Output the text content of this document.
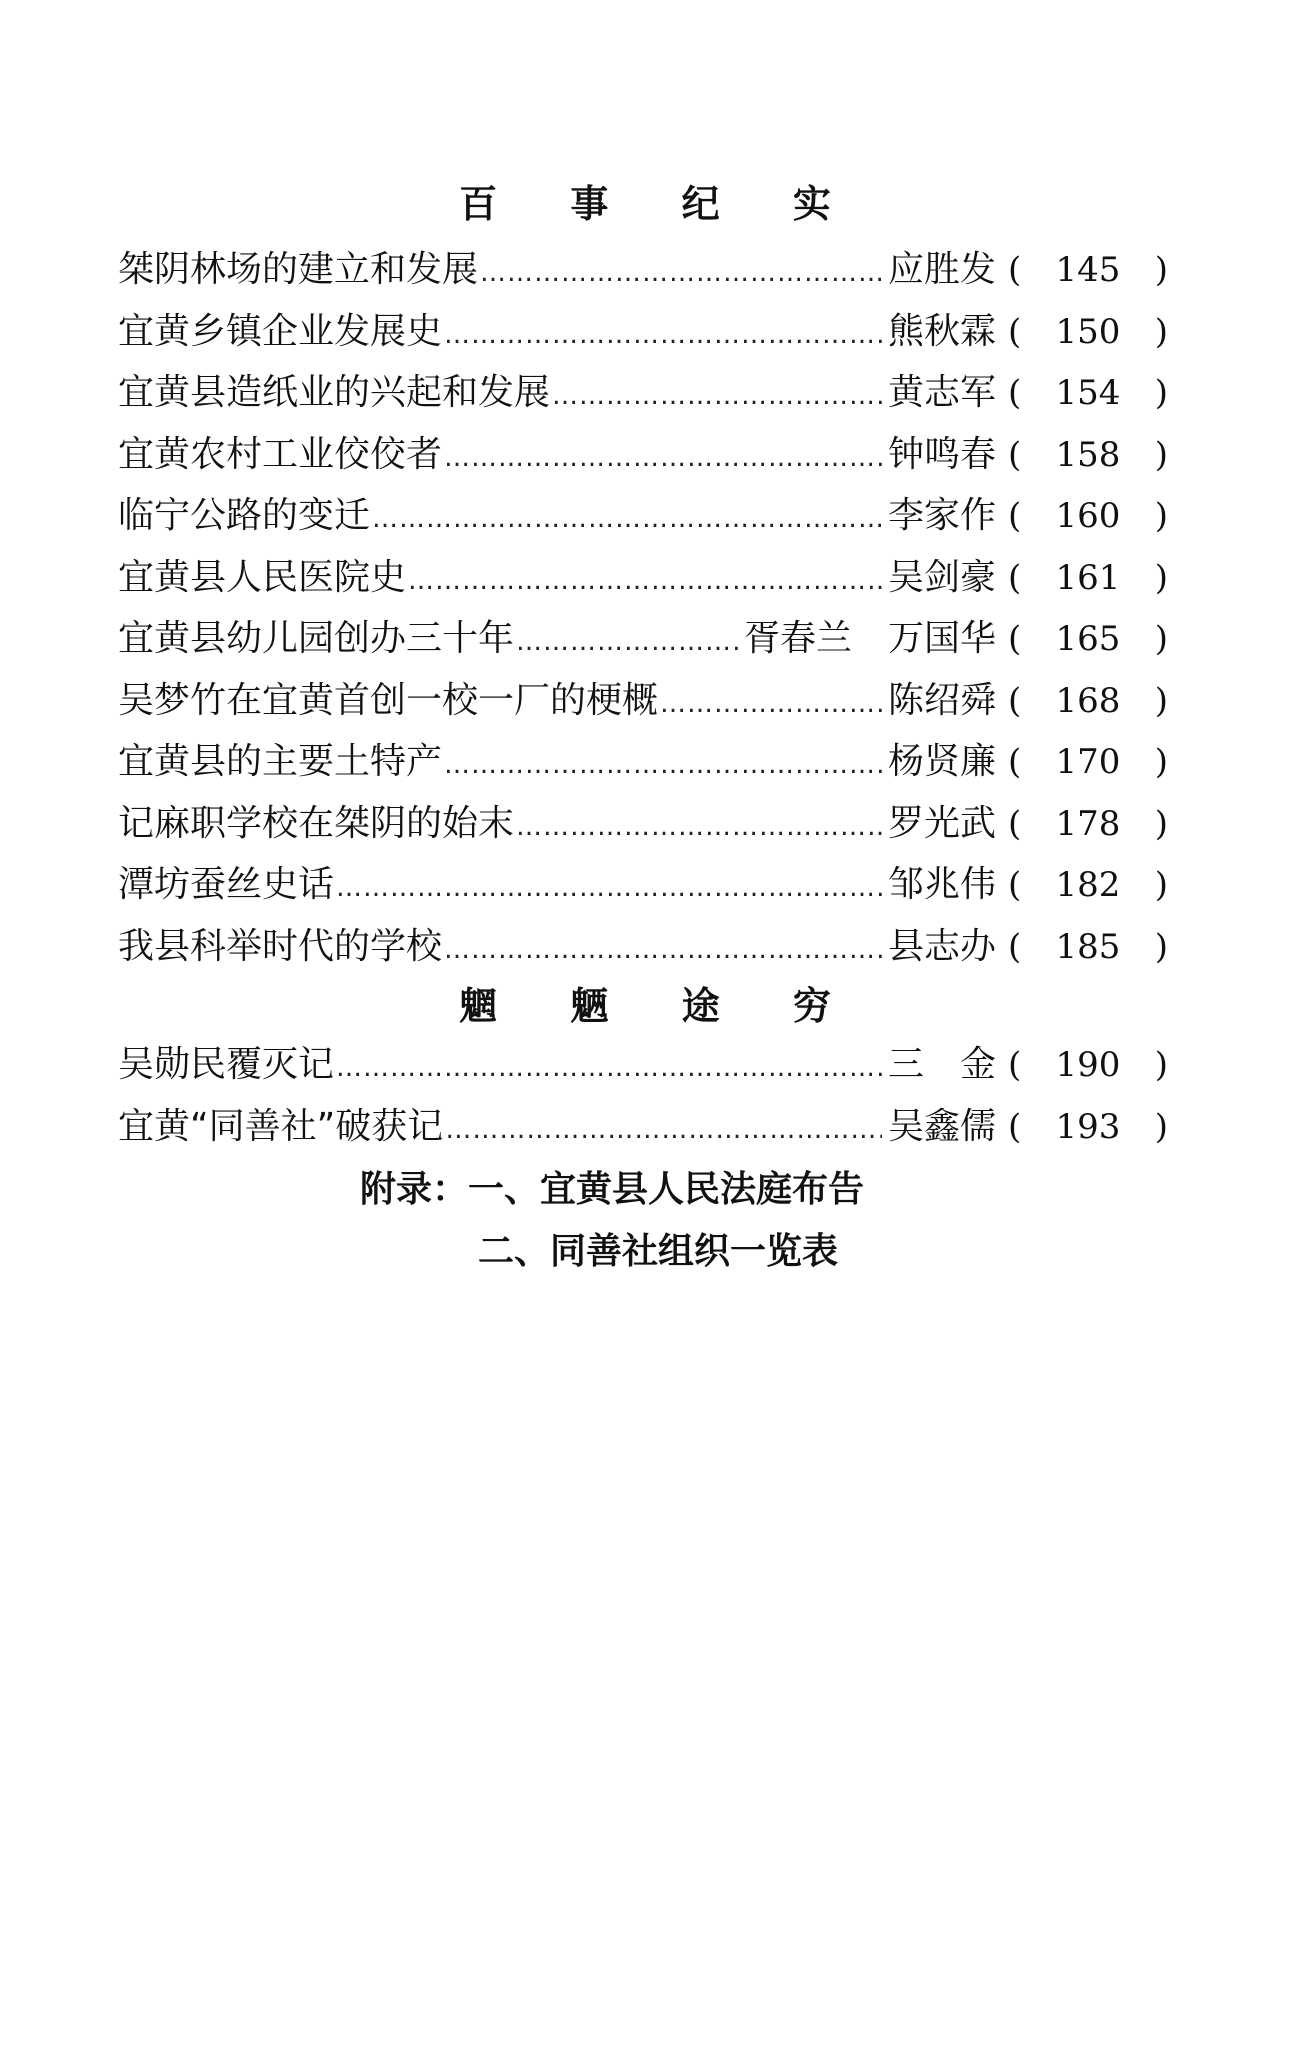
百 事 纪 实
桀阴林场的建立和发展 ……………………………………………………………………………………………………………………………………………………………	应胜发 ( 145 )
宜黄乡镇企业发展史 ……………………………………………………………………………………………………………………………………………………………	熊秋霖 ( 150 )
宜黄县造纸业的兴起和发展 ……………………………………………………………………………………………………………………………………………………………	黄志军 ( 154 )
宜黄农村工业佼佼者 ……………………………………………………………………………………………………………………………………………………………	钟鸣春 ( 158 )
临宁公路的变迁 ……………………………………………………………………………………………………………………………………………………………	李家作 ( 160 )
宜黄县人民医院史 ……………………………………………………………………………………………………………………………………………………………	吴剑豪 ( 161 )
宜黄县幼儿园创办三十年 ……………………………………………………………………………………………………………………………………………………………	胥春兰　万国华 ( 165 )
吴梦竹在宜黄首创一校一厂的梗概 ……………………………………………………………………………………………………………………………………………………………	陈绍舜 ( 168 )
宜黄县的主要土特产 ……………………………………………………………………………………………………………………………………………………………	杨贤廉 ( 170 )
记麻职学校在桀阴的始末 ……………………………………………………………………………………………………………………………………………………………	罗光武 ( 178 )
潭坊蚕丝史话 ……………………………………………………………………………………………………………………………………………………………	邹兆伟 ( 182 )
我县科举时代的学校 ……………………………………………………………………………………………………………………………………………………………	县志办 ( 185 )
魍 魉 途 穷
吴勋民覆灭记 ……………………………………………………………………………………………………………………………………………………………	三　金 ( 190 )
宜黄“同善社”破获记 ……………………………………………………………………………………………………………………………………………………………	吴鑫儒 ( 193 )
附录：一、宜黄县人民法庭布告
二、同善社组织一览表
